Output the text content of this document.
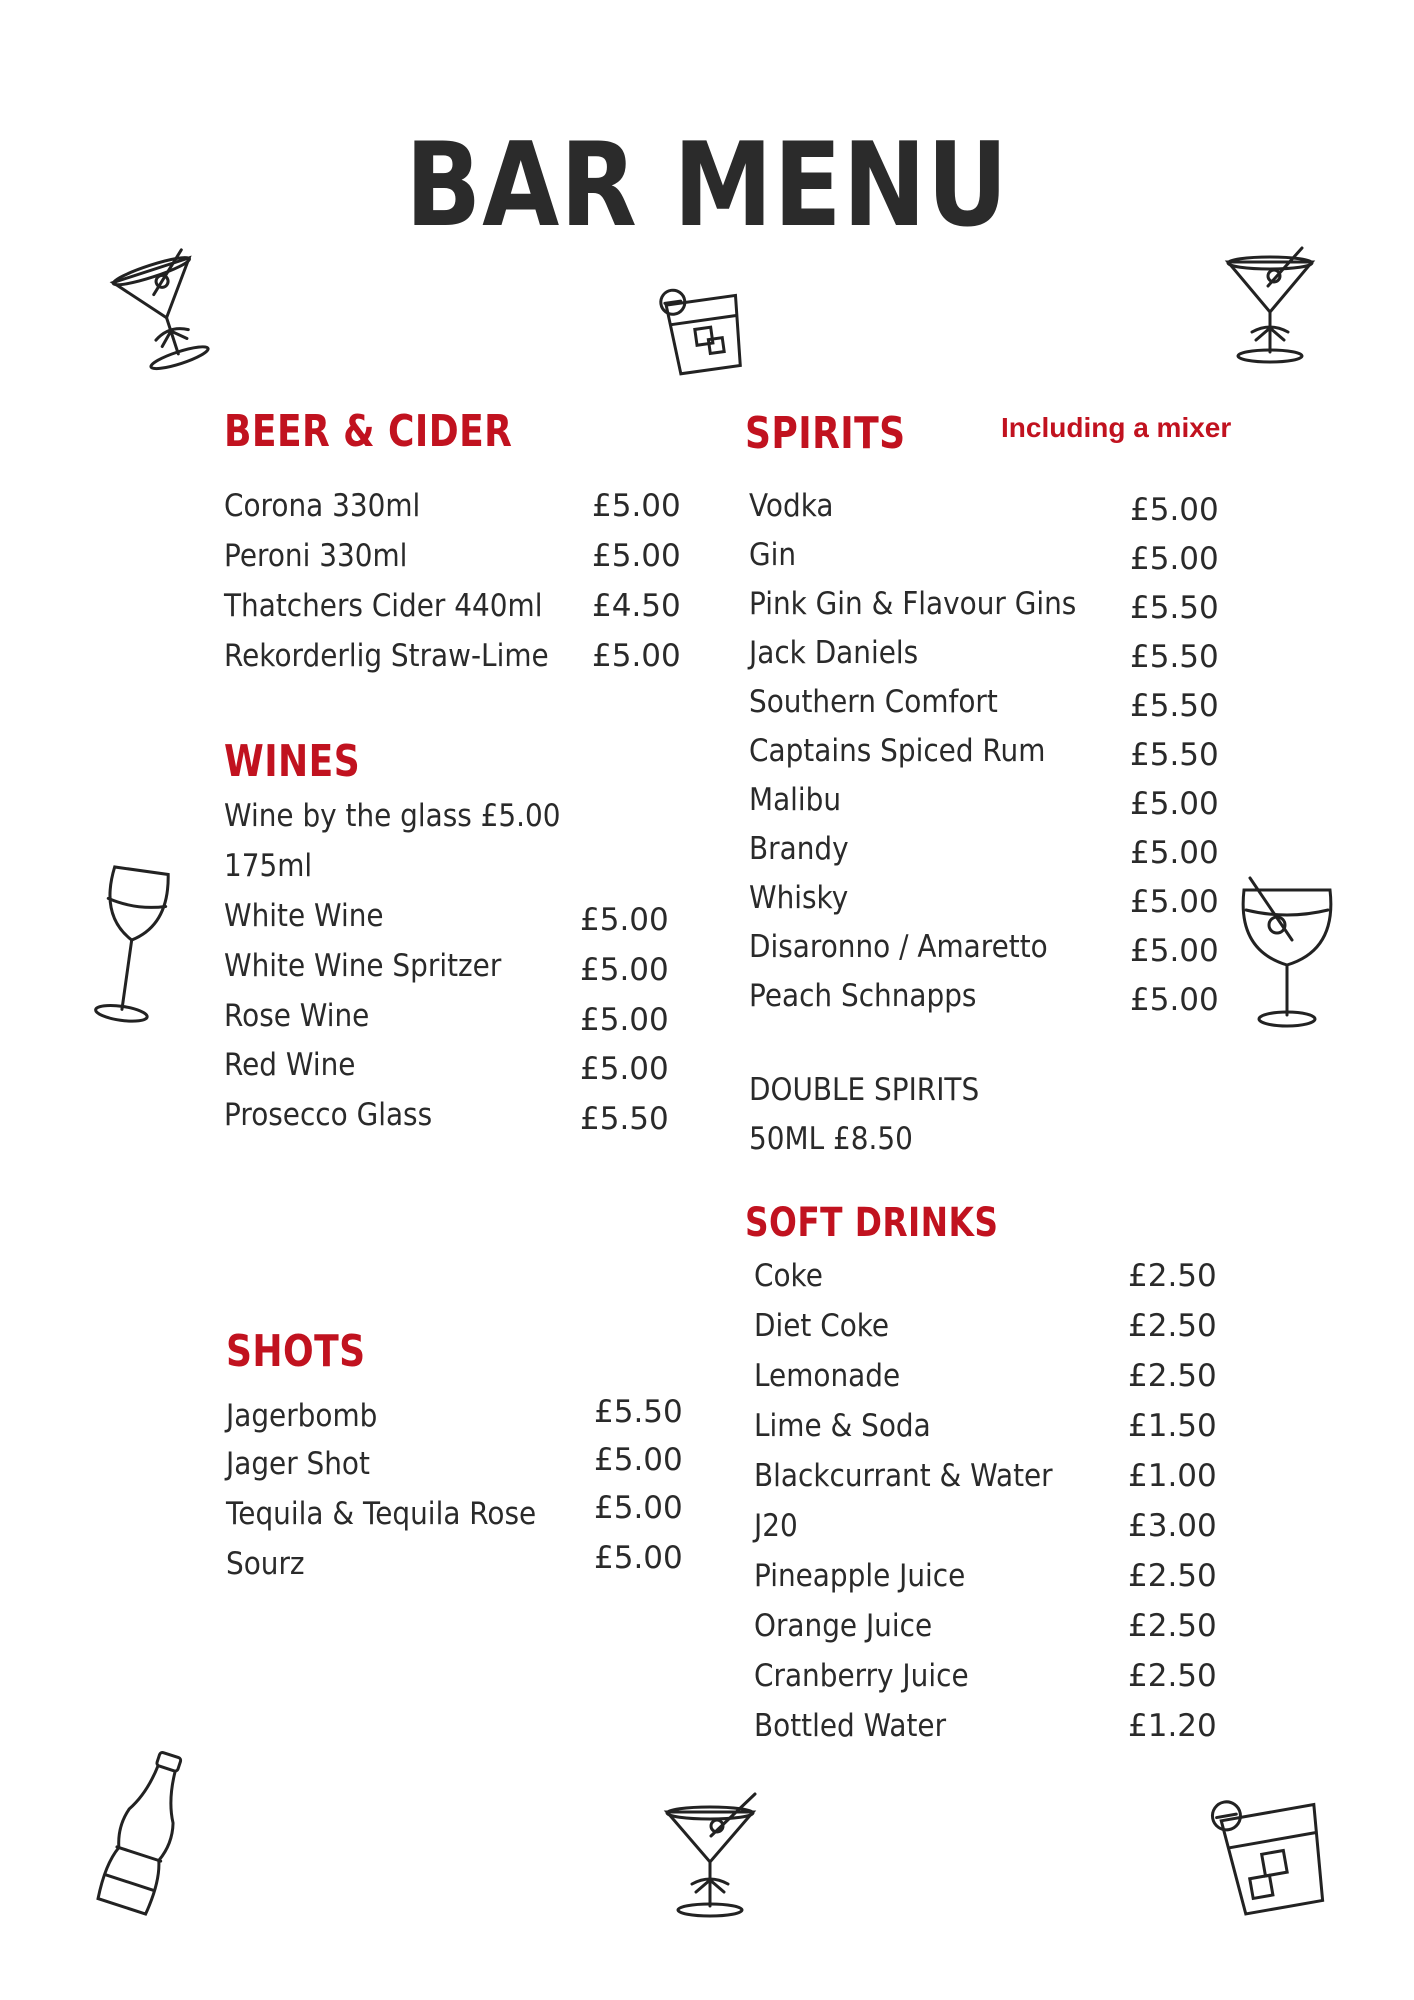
BAR MENU
BEER & CIDER
Corona 330ml	£5.00
Peroni 330ml	£5.00
Thatchers Cider 440ml £4.50
Rekorderlig Straw-Lime £5.00
WINES
Wine by the glass £5.00
175ml
White Wine	£5.00
White Wine Spritzer	£5.00
Rose Wine	£5.00
Red Wine	£5.00
Prosecco Glass	£5.50
SHOTS
Jagerbomb	£5.50
Jager Shot	£5.00
Tequila & Tequila Rose £5.00
Sourz	£5.00
SPIRITS	Including a mixer
Vodka	£5.00
Gin	£5.00
Pink Gin & Flavour Gins £5.50
Jack Daniels	£5.50
Southern Comfort	£5.50
Captains Spiced Rum	£5.50
Malibu	£5.00
Brandy	£5.00
Whisky	£5.00
Disaronno / Amaretto	£5.00
Peach Schnapps	£5.00
DOUBLE SPIRITS
50ML £8.50
SOFT DRINKS
Coke	£2.50
Diet Coke	£2.50
Lemonade	£2.50
Lime & Soda	£1.50
Blackcurrant & Water £1.00
J20	£3.00
Pineapple Juice	£2.50
Orange Juice	£2.50
Cranberry Juice	£2.50
Bottled Water	£1.20
